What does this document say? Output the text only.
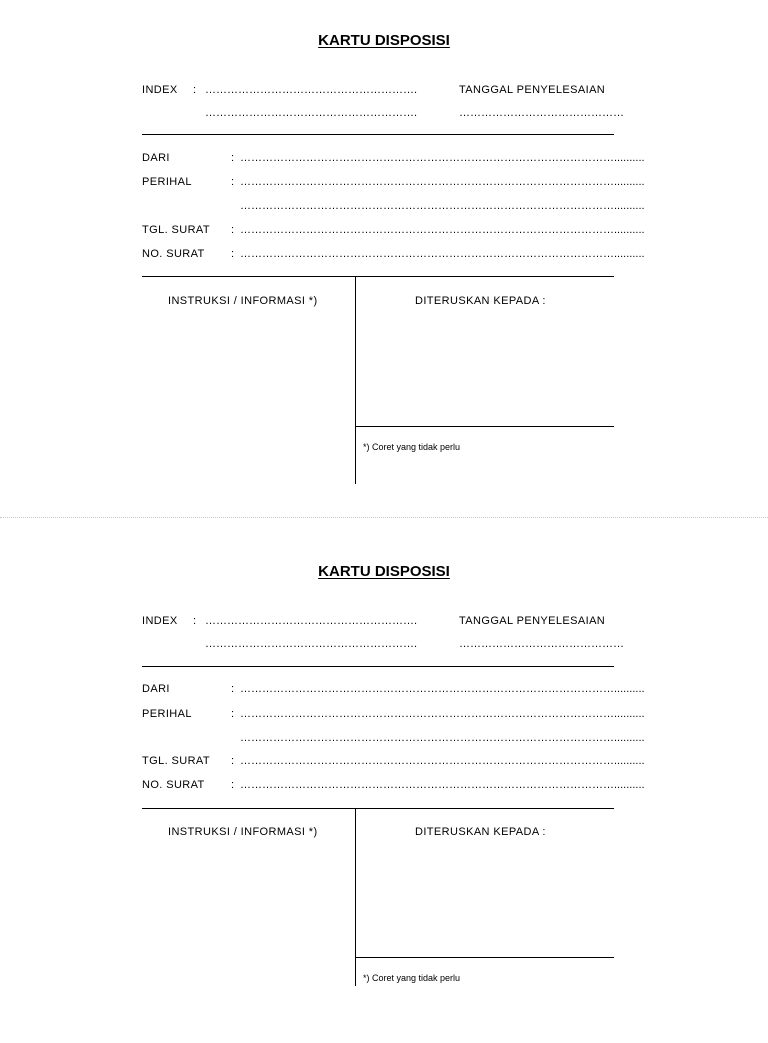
KARTU DISPOSISI
INDEX : ………………………………………………….
………………………………………………….
TANGGAL PENYELESAIAN
………………………………………
DARI	: …………………………………………………………………………………………..........
PERIHAL	: …………………………………………………………………………………………..........
…………………………………………………………………………………………..........
TGL. SURAT : …………………………………………………………………………………………..........
NO. SURAT : …………………………………………………………………………………………..........
INSTRUKSI / INFORMASI *)	DITERUSKAN KEPADA :
*) Coret yang tidak perlu
KARTU DISPOSISI
INDEX : ………………………………………………….
………………………………………………….
TANGGAL PENYELESAIAN
………………………………………
DARI	: …………………………………………………………………………………………..........
PERIHAL	: …………………………………………………………………………………………..........
…………………………………………………………………………………………..........
TGL. SURAT : …………………………………………………………………………………………..........
NO. SURAT : …………………………………………………………………………………………..........
INSTRUKSI / INFORMASI *)	DITERUSKAN KEPADA :
*) Coret yang tidak perlu
